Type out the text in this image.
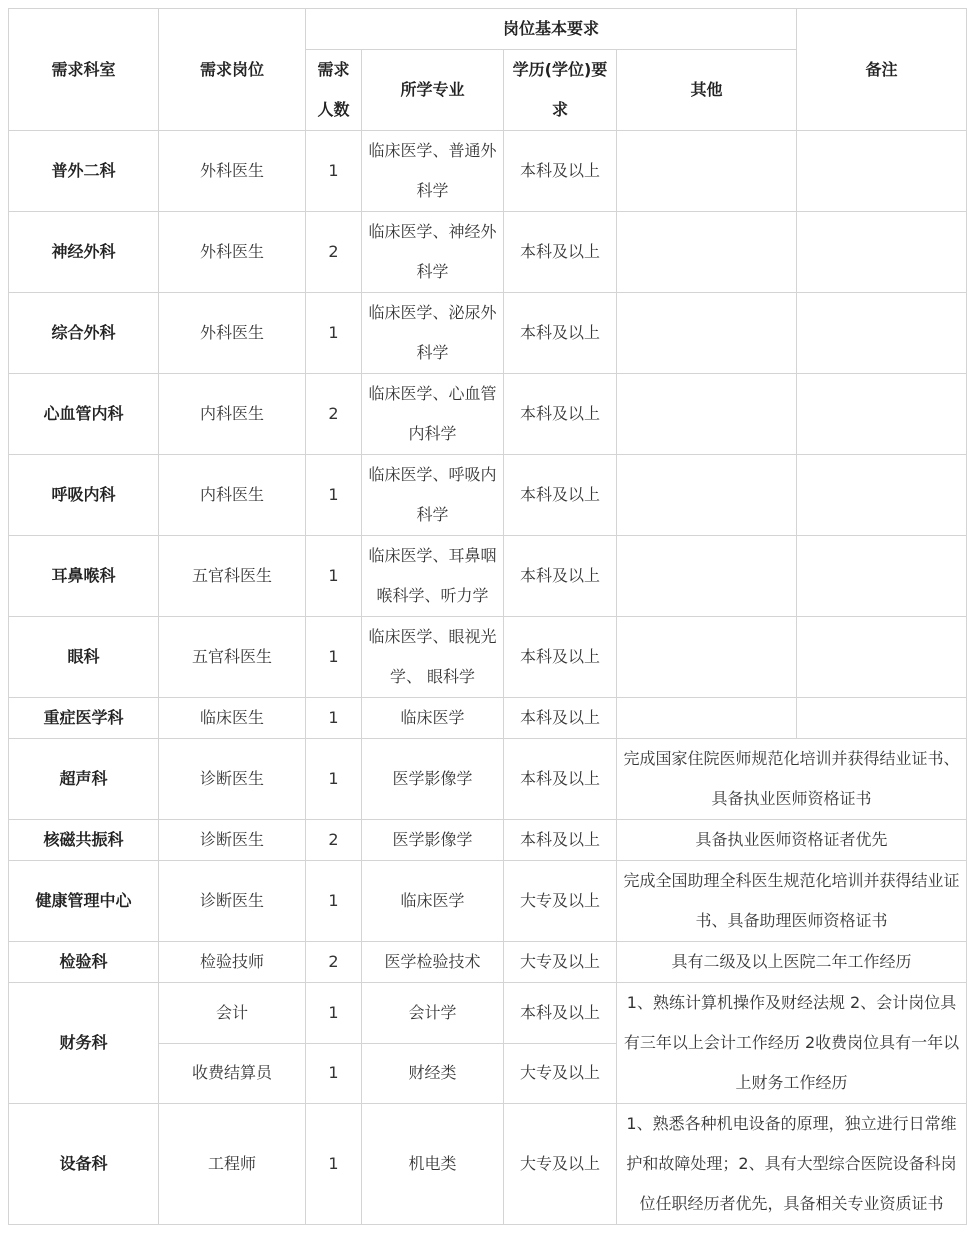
需求科室	需求岗位	岗位基本要求				备注
		需求人数	所学专业	学历(学位)要求	其他	
普外二科	外科医生	1	临床医学、普通外科学	本科及以上		
神经外科	外科医生	2	临床医学、神经外科学	本科及以上		
综合外科	外科医生	1	临床医学、泌尿外科学	本科及以上		
心血管内科	内科医生	2	临床医学、心血管内科学	本科及以上		
呼吸内科	内科医生	1	临床医学、呼吸内科学	本科及以上		
耳鼻喉科	五官科医生	1	临床医学、耳鼻咽喉科学、听力学	本科及以上		
眼科	五官科医生	1	临床医学、眼视光学、 眼科学	本科及以上		
重症医学科	临床医生	1	临床医学	本科及以上		
超声科	诊断医生	1	医学影像学	本科及以上	完成国家住院医师规范化培训并获得结业证书、具备执业医师资格证书	
核磁共振科	诊断医生	2	医学影像学	本科及以上	具备执业医师资格证者优先	
健康管理中心	诊断医生	1	临床医学	大专及以上	完成全国助理全科医生规范化培训并获得结业证书、具备助理医师资格证书	
检验科	检验技师	2	医学检验技术	大专及以上	具有二级及以上医院二年工作经历	
财务科	会计	1	会计学	本科及以上	1、熟练计算机操作及财经法规 2、会计岗位具有三年以上会计工作经历 2收费岗位具有一年以上财务工作经历	
	收费结算员	1	财经类	大专及以上		
设备科	工程师	1	机电类	大专及以上	1、熟悉各种机电设备的原理，独立进行日常维护和故障处理；2、具有大型综合医院设备科岗位任职经历者优先，具备相关专业资质证书	
